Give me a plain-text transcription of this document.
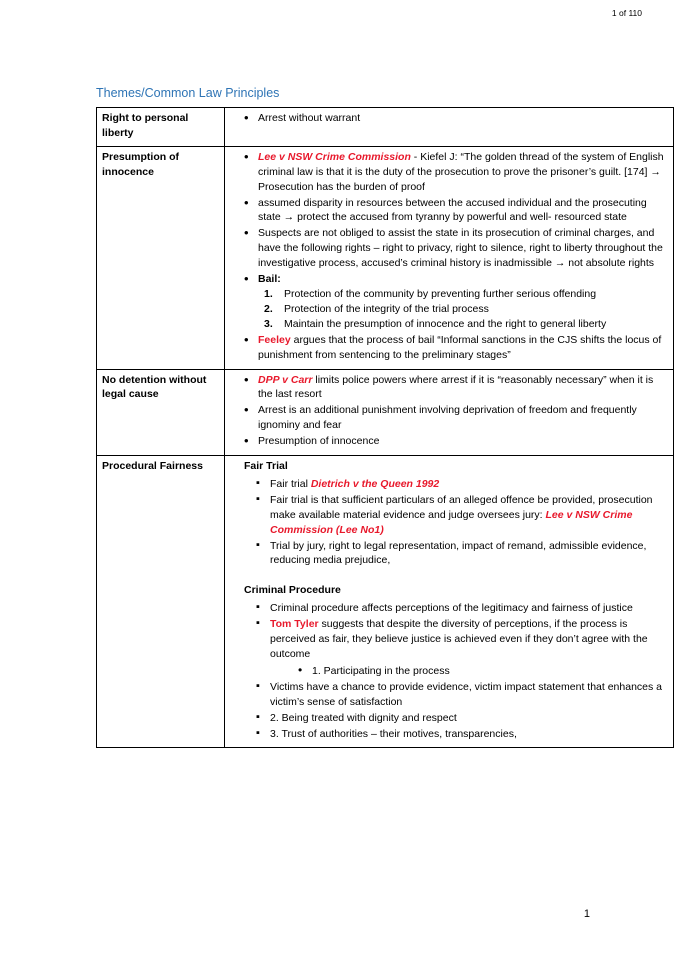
1 of 110
Themes/Common Law Principles
Right to personal liberty	
• Arrest without warrant

Presumption of innocence	
• Lee v NSW Crime Commission - Kiefel J: “The golden thread of the system of English criminal law is that it is the duty of the prosecution to prove the prisoner’s guilt. [174] → Prosecution has the burden of proof
• assumed disparity in resources between the accused individual and the prosecuting state → protect the accused from tyranny by powerful and well- resourced state
• Suspects are not obliged to assist the state in its prosecution of criminal charges, and have the following rights – right to privacy, right to silence, right to liberty throughout the investigative process, accused’s criminal history is inadmissible → not absolute rights
• Bail:
Protection of the community by preventing further serious offending
Protection of the integrity of the trial process
Maintain the presumption of innocence and the right to general liberty
• Feeley argues that the process of bail “Informal sanctions in the CJS shifts the locus of punishment from sentencing to the preliminary stages”

No detention without legal cause	
• DPP v Carr limits police powers where arrest if it is “reasonably necessary” when it is the last resort
• Arrest is an additional punishment involving deprivation of freedom and frequently ignominy and fear
• Presumption of innocence

Procedural Fairness	Fair Trial
▪ Fair trial Dietrich v the Queen 1992
▪ Fair trial is that sufficient particulars of an alleged offence be provided, prosecution make available material evidence and judge oversees jury: Lee v NSW Crime Commission (Lee No1)
▪ Trial by jury, right to legal representation, impact of remand, admissible evidence, reducing media prejudice,
Criminal Procedure
▪ Criminal procedure affects perceptions of the legitimacy and fairness of justice
▪ Tom Tyler suggests that despite the diversity of perceptions, if the process is perceived as fair, they believe justice is achieved even if they don’t agree with the outcome
• 1. Participating in the process
▪ Victims have a chance to provide evidence, victim impact statement that enhances a victim’s sense of satisfaction
▪ 2. Being treated with dignity and respect
▪ 3. Trust of authorities – their motives, transparencies,
1
